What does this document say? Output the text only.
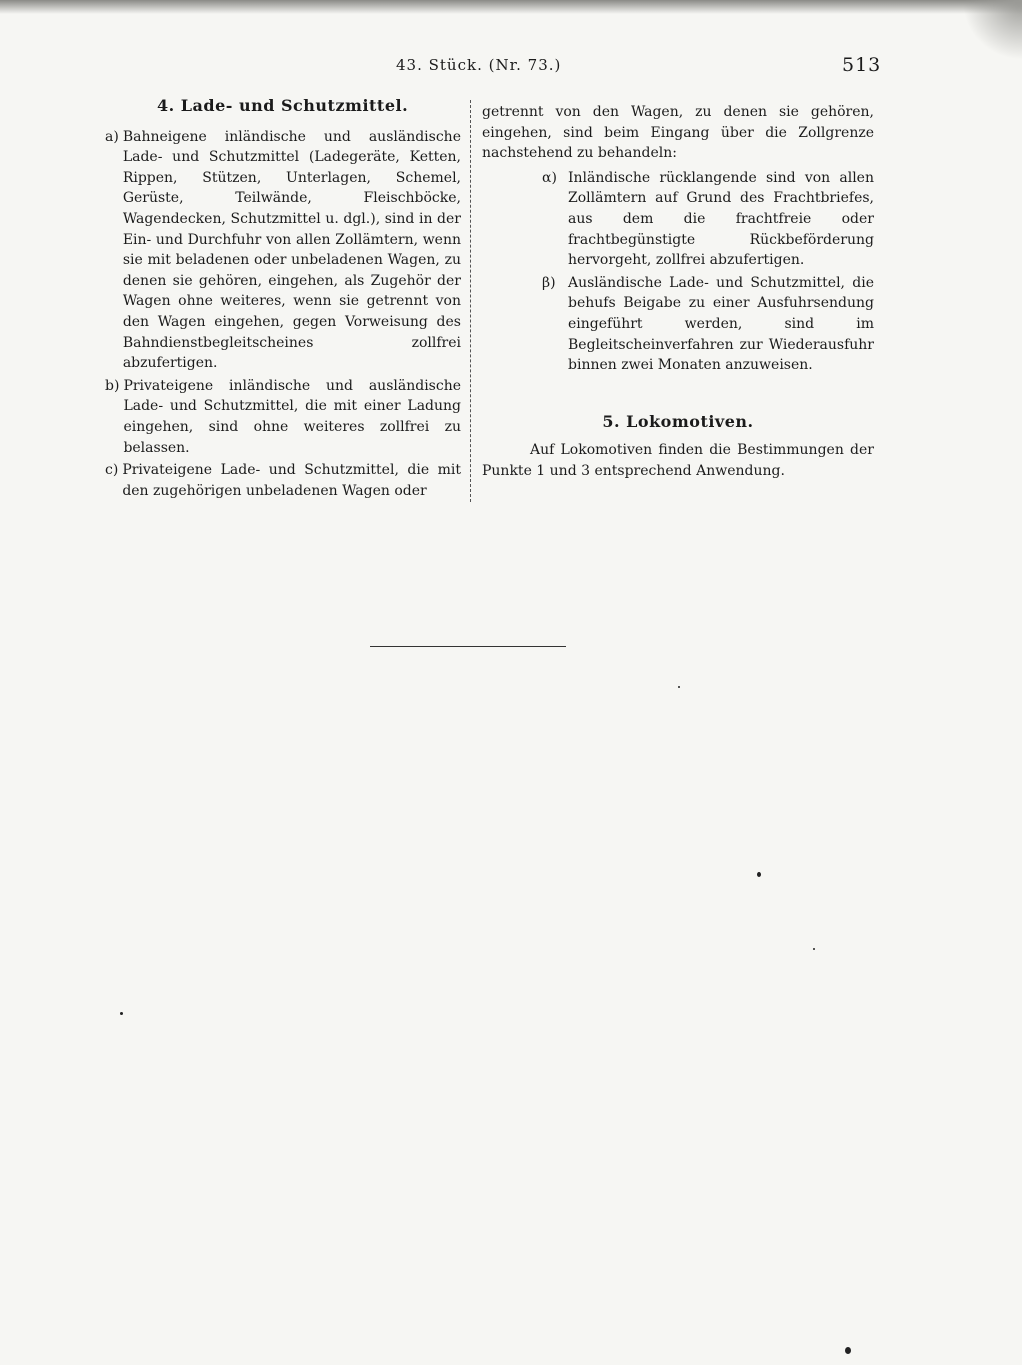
43. Stück. (Nr. 73.)	513
4. Lade- und Schutzmittel.
a) Bahneigene inländische und ausländische Lade- und Schutzmittel (Ladegeräte, Ketten, Rippen, Stützen, Unterlagen, Schemel, Gerüste, Teilwände, Fleischböcke, Wagendecken, Schutzmittel u. dgl.), sind in der Ein- und Durchfuhr von allen Zollämtern, wenn sie mit beladenen oder unbeladenen Wagen, zu denen sie gehören, eingehen, als Zugehör der Wagen ohne weiteres, wenn sie getrennt von den Wagen eingehen, gegen Vorweisung des Bahndienstbegleitscheines zollfrei abzufertigen.
b) Privateigene inländische und ausländische Lade- und Schutzmittel, die mit einer Ladung eingehen, sind ohne weiteres zollfrei zu belassen.
c) Privateigene Lade- und Schutzmittel, die mit den zugehörigen unbeladenen Wagen oder
getrennt von den Wagen, zu denen sie gehören, eingehen, sind beim Eingang über die Zollgrenze nachstehend zu behandeln:
α) Inländische rücklangende sind von allen Zollämtern auf Grund des Frachtbriefes, aus dem die frachtfreie oder frachtbegünstigte Rückbeförderung hervorgeht, zollfrei abzufertigen.
β) Ausländische Lade- und Schutzmittel, die behufs Beigabe zu einer Ausfuhrsendung eingeführt werden, sind im Begleitscheinverfahren zur Wiederausfuhr binnen zwei Monaten anzuweisen.
5. Lokomotiven.
Auf Lokomotiven finden die Bestimmungen der Punkte 1 und 3 entsprechend Anwendung.
